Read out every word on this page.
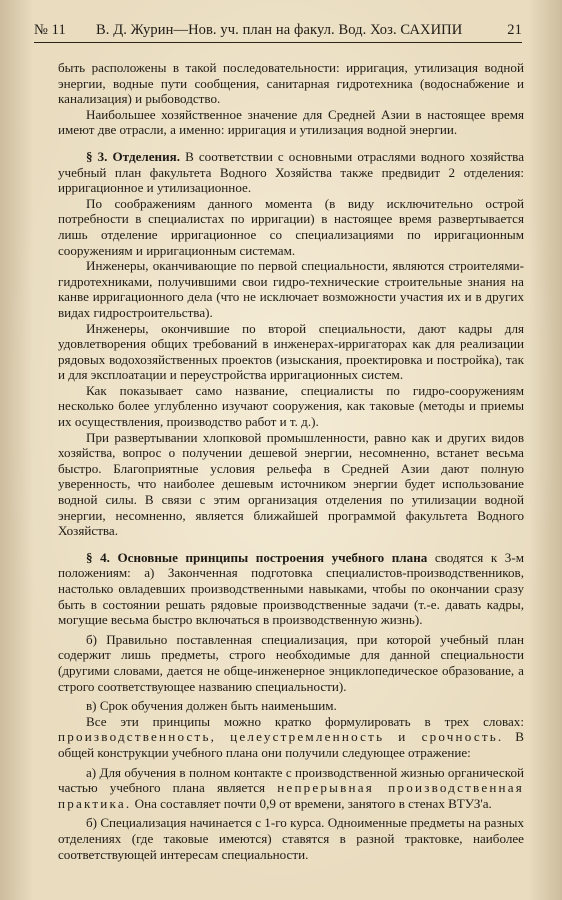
№ 11 В. Д. Журин—Нов. уч. план на факул. Вод. Хоз. САХИПИ	21

быть расположены в такой последовательности: ирригация, утилизация водной энергии, водные пути сообщения, санитарная гидротехника (водоснабжение и канализация) и рыбоводство.

Наибольшее хозяйственное значение для Средней Азии в настоящее время имеют две отрасли, а именно: ирригация и утилизация водной энергии.

§ 3. Отделения. В соответствии с основными отраслями водного хозяйства учебный план факультета Водного Хозяйства также предвидит 2 отделения: ирригационное и утилизационное.

По соображениям данного момента (в виду исключительно острой потребности в специалистах по ирригации) в настоящее время развертывается лишь отделение ирригационное со специализациями по ирригационным сооружениям и ирригационным системам.

Инженеры, оканчивающие по первой специальности, являются строителями-гидротехниками, получившими свои гидро-технические строительные знания на канве ирригационного дела (что не исключает возможности участия их и в других видах гидростроительства).

Инженеры, окончившие по второй специальности, дают кадры для удовлетворения общих требований в инженерах-ирригаторах как для реализации рядовых водохозяйственных проектов (изыскания, проектировка и постройка), так и для эксплоатации и переустройства ирригационных систем.

Как показывает само название, специалисты по гидро-сооружениям несколько более углубленно изучают сооружения, как таковые (методы и приемы их осуществления, производство работ и т. д.).

При развертывании хлопковой промышленности, равно как и других видов хозяйства, вопрос о получении дешевой энергии, несомненно, встанет весьма быстро. Благоприятные условия рельефа в Средней Азии дают полную уверенность, что наиболее дешевым источником энергии будет использование водной силы. В связи с этим организация отделения по утилизации водной энергии, несомненно, является ближайшей программой факультета Водного Хозяйства.

§ 4. Основные принципы построения учебного плана сводятся к 3-м положениям: а) Законченная подготовка специалистов-производственников, настолько овладевших производственными навыками, чтобы по окончании сразу быть в состоянии решать рядовые производственные задачи (т.-е. давать кадры, могущие весьма быстро включаться в производственную жизнь).

б) Правильно поставленная специализация, при которой учебный план содержит лишь предметы, строго необходимые для данной специальности (другими словами, дается не обще-инженерное энциклопедическое образование, а строго соответствующее названию специальности).

в) Срок обучения должен быть наименьшим.

Все эти принципы можно кратко формулировать в трех словах: производственность, целеустремленность и срочность. В общей конструкции учебного плана они получили следующее отражение:

а) Для обучения в полном контакте с производственной жизнью органической частью учебного плана является непрерывная производственная практика. Она составляет почти 0,9 от времени, занятого в стенах ВТУЗ'а.

б) Специализация начинается с 1-го курса. Одноименные предметы на разных отделениях (где таковые имеются) ставятся в разной трактовке, наиболее соответствующей интересам специальности.
